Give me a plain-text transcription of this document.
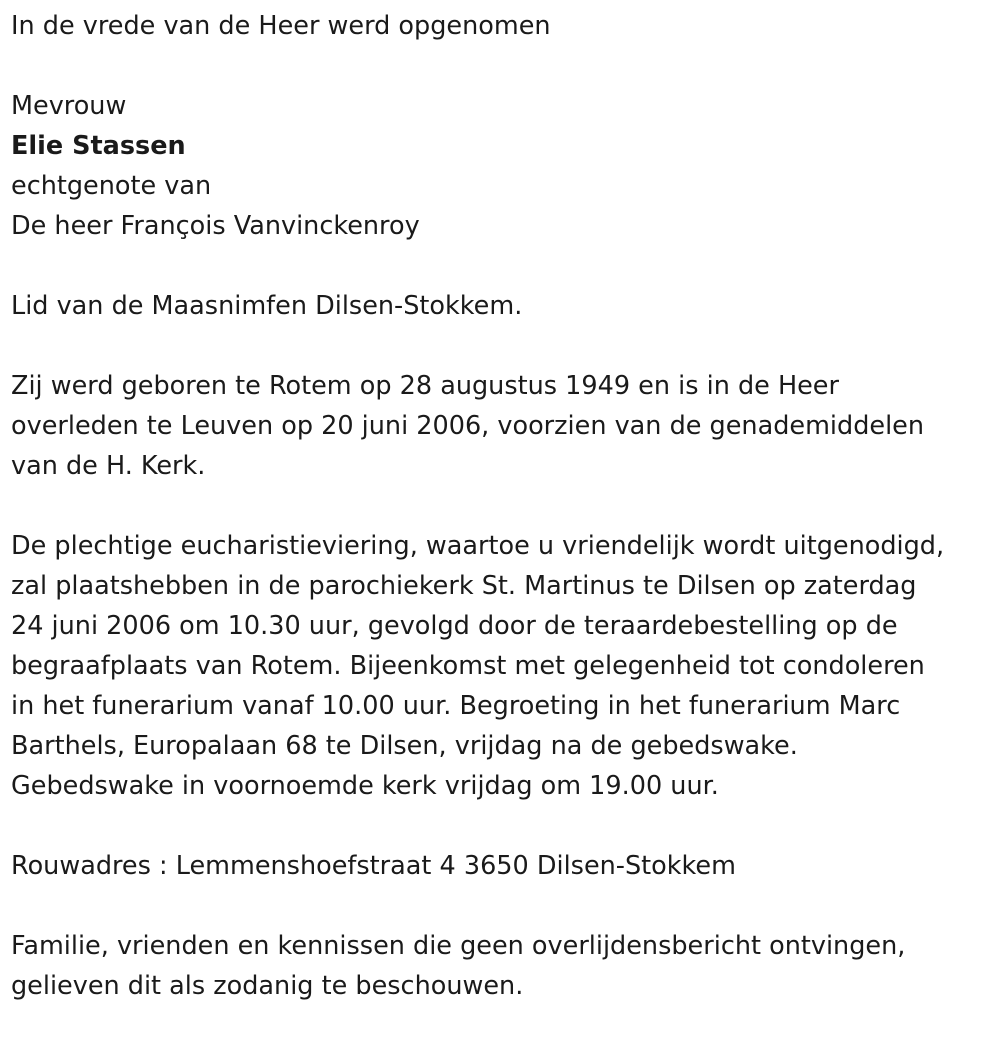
In de vrede van de Heer werd opgenomen
Mevrouw
Elie Stassen
echtgenote van
De heer François Vanvinckenroy
Lid van de Maasnimfen Dilsen-Stokkem.
Zij werd geboren te Rotem op 28 augustus 1949 en is in de Heer
overleden te Leuven op 20 juni 2006, voorzien van de genademiddelen
van de H. Kerk.
De plechtige eucharistieviering, waartoe u vriendelijk wordt uitgenodigd,
zal plaatshebben in de parochiekerk St. Martinus te Dilsen op zaterdag
24 juni 2006 om 10.30 uur, gevolgd door de teraardebestelling op de
begraafplaats van Rotem. Bijeenkomst met gelegenheid tot condoleren
in het funerarium vanaf 10.00 uur. Begroeting in het funerarium Marc
Barthels, Europalaan 68 te Dilsen, vrijdag na de gebedswake.
Gebedswake in voornoemde kerk vrijdag om 19.00 uur.
Rouwadres : Lemmenshoefstraat 4 3650 Dilsen-Stokkem
Familie, vrienden en kennissen die geen overlijdensbericht ontvingen,
gelieven dit als zodanig te beschouwen.
